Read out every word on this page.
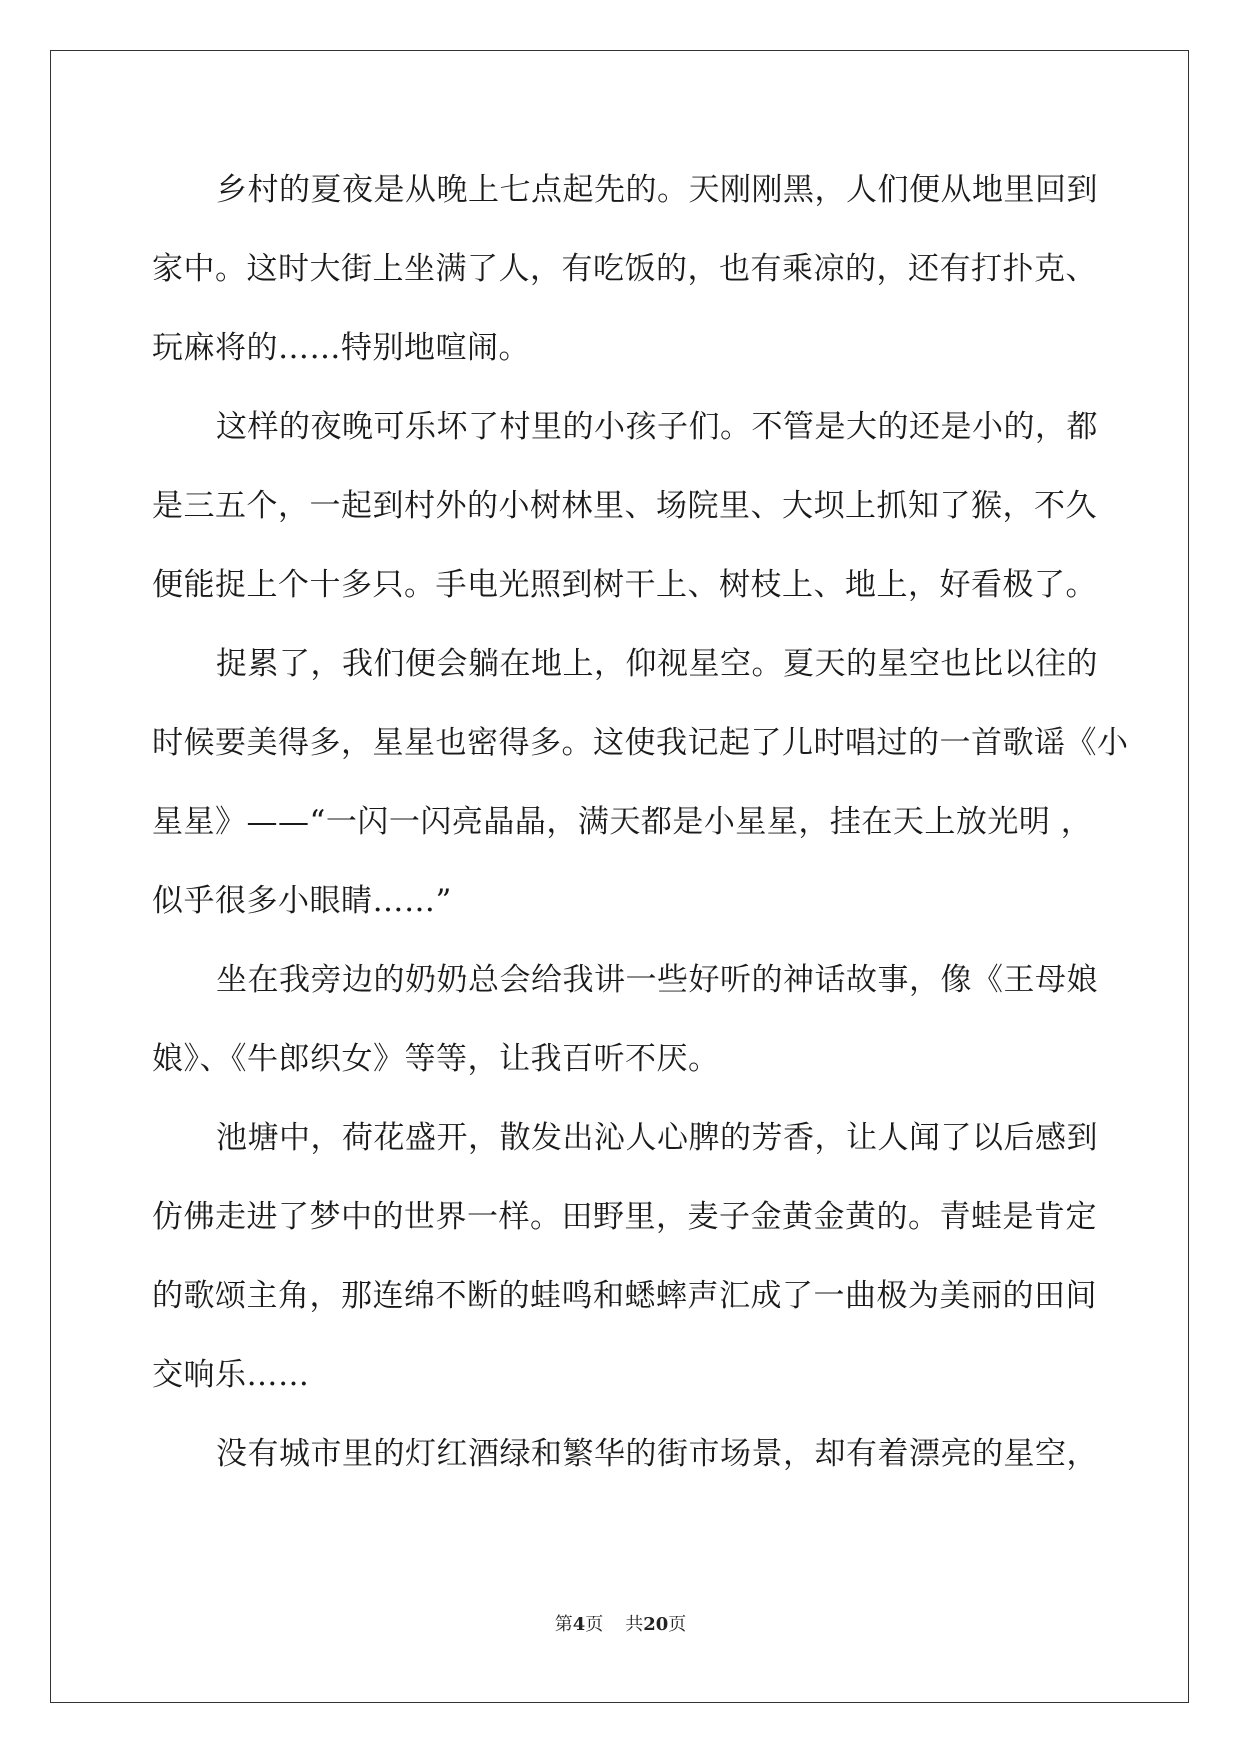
乡村的夏夜是从晚上七点起先的。天刚刚黑，人们便从地里回到
家中。这时大街上坐满了人，有吃饭的，也有乘凉的，还有打扑克、
玩麻将的……特别地喧闹。
这样的夜晚可乐坏了村里的小孩子们。不管是大的还是小的，都
是三五个，一起到村外的小树林里、场院里、大坝上抓知了猴，不久
便能捉上个十多只。手电光照到树干上、树枝上、地上，好看极了。
捉累了，我们便会躺在地上，仰视星空。夏天的星空也比以往的
时候要美得多，星星也密得多。这使我记起了儿时唱过的一首歌谣《小
星星》——“一闪一闪亮晶晶，满天都是小星星，挂在天上放光明 ，
似乎很多小眼睛……”
坐在我旁边的奶奶总会给我讲一些好听的神话故事，像《王母娘
娘》、《牛郎织女》等等，让我百听不厌。
池塘中，荷花盛开，散发出沁人心脾的芳香，让人闻了以后感到
仿佛走进了梦中的世界一样。田野里，麦子金黄金黄的。青蛙是肯定
的歌颂主角，那连绵不断的蛙鸣和蟋蟀声汇成了一曲极为美丽的田间
交响乐……
没有城市里的灯红酒绿和繁华的街市场景，却有着漂亮的星空，
第4页 共20页
